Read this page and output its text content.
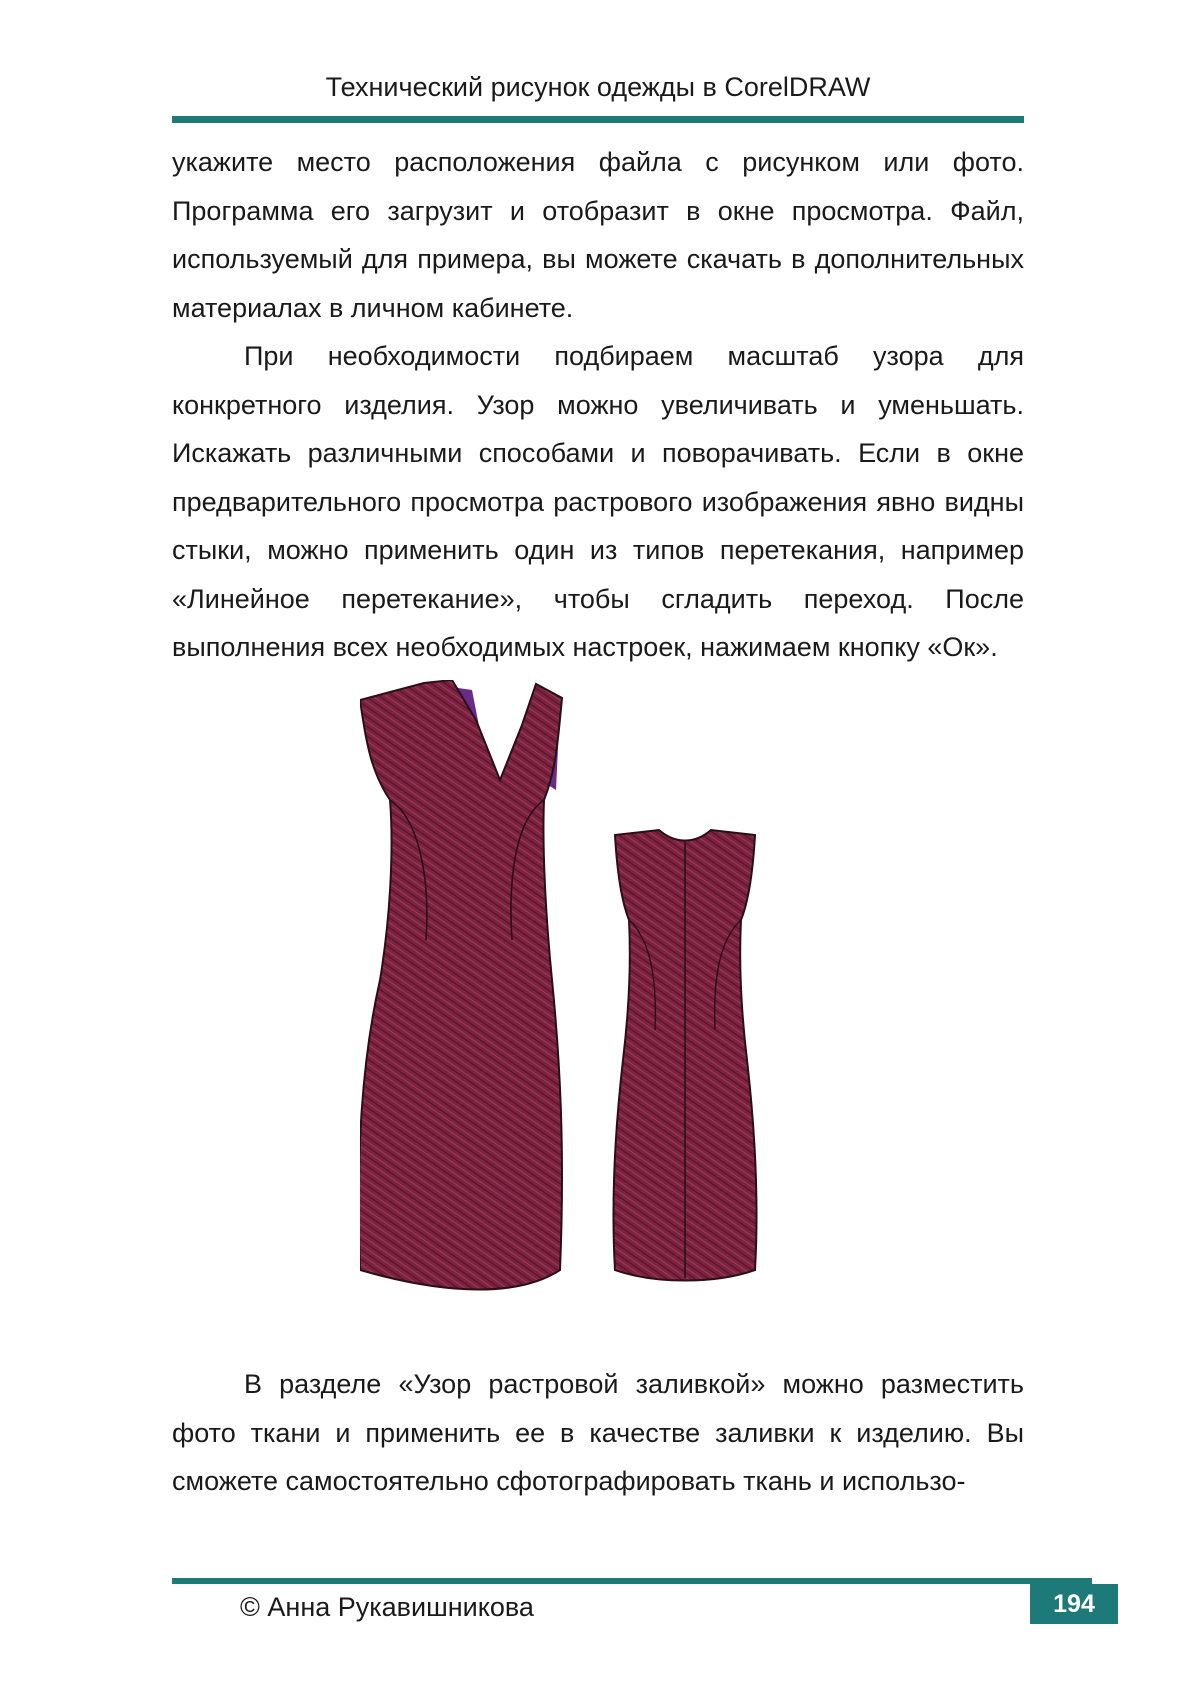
Технический рисунок одежды в CorelDRAW

укажите место расположения файла с рисунком или фото. Программа его загрузит и отобразит в окне просмотра. Файл, используемый для примера, вы можете скачать в дополнительных материалах в личном кабинете.

При необходимости подбираем масштаб узора для конкретного изделия. Узор можно увеличивать и уменьшать. Искажать различными способами и поворачивать. Если в окне предварительного просмотра растрового изображения явно видны стыки, можно применить один из типов перетекания, например «Линейное перетекание», чтобы сгладить переход. После выполнения всех необходимых настроек, нажимаем кнопку «Ок».

В разделе «Узор растровой заливкой» можно разместить фото ткани и применить ее в качестве заливки к изделию. Вы сможете самостоятельно сфотографировать ткань и использо-

© Анна Рукавишникова	194
